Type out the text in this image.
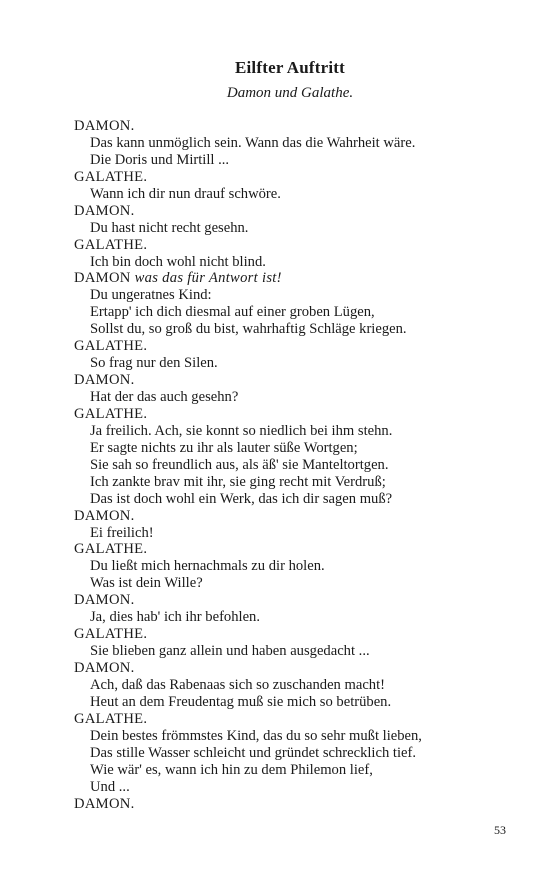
Eilfter Auftritt
Damon und Galathe.
DAMON.
Das kann unmöglich sein. Wann das die Wahrheit wäre.
Die Doris und Mirtill ...
GALATHE.
Wann ich dir nun drauf schwöre.
DAMON.
Du hast nicht recht gesehn.
GALATHE.
Ich bin doch wohl nicht blind.
DAMON was das für Antwort ist!
Du ungeratnes Kind:
Ertapp' ich dich diesmal auf einer groben Lügen,
Sollst du, so groß du bist, wahrhaftig Schläge kriegen.
GALATHE.
So frag nur den Silen.
DAMON.
Hat der das auch gesehn?
GALATHE.
Ja freilich. Ach, sie konnt so niedlich bei ihm stehn.
Er sagte nichts zu ihr als lauter süße Wortgen;
Sie sah so freundlich aus, als äß' sie Manteltortgen.
Ich zankte brav mit ihr, sie ging recht mit Verdruß;
Das ist doch wohl ein Werk, das ich dir sagen muß?
DAMON.
Ei freilich!
GALATHE.
Du ließt mich hernachmals zu dir holen.
Was ist dein Wille?
DAMON.
Ja, dies hab' ich ihr befohlen.
GALATHE.
Sie blieben ganz allein und haben ausgedacht ...
DAMON.
Ach, daß das Rabenaas sich so zuschanden macht!
Heut an dem Freudentag muß sie mich so betrüben.
GALATHE.
Dein bestes frömmstes Kind, das du so sehr mußt lieben,
Das stille Wasser schleicht und gründet schrecklich tief.
Wie wär' es, wann ich hin zu dem Philemon lief,
Und ...
DAMON.
53
